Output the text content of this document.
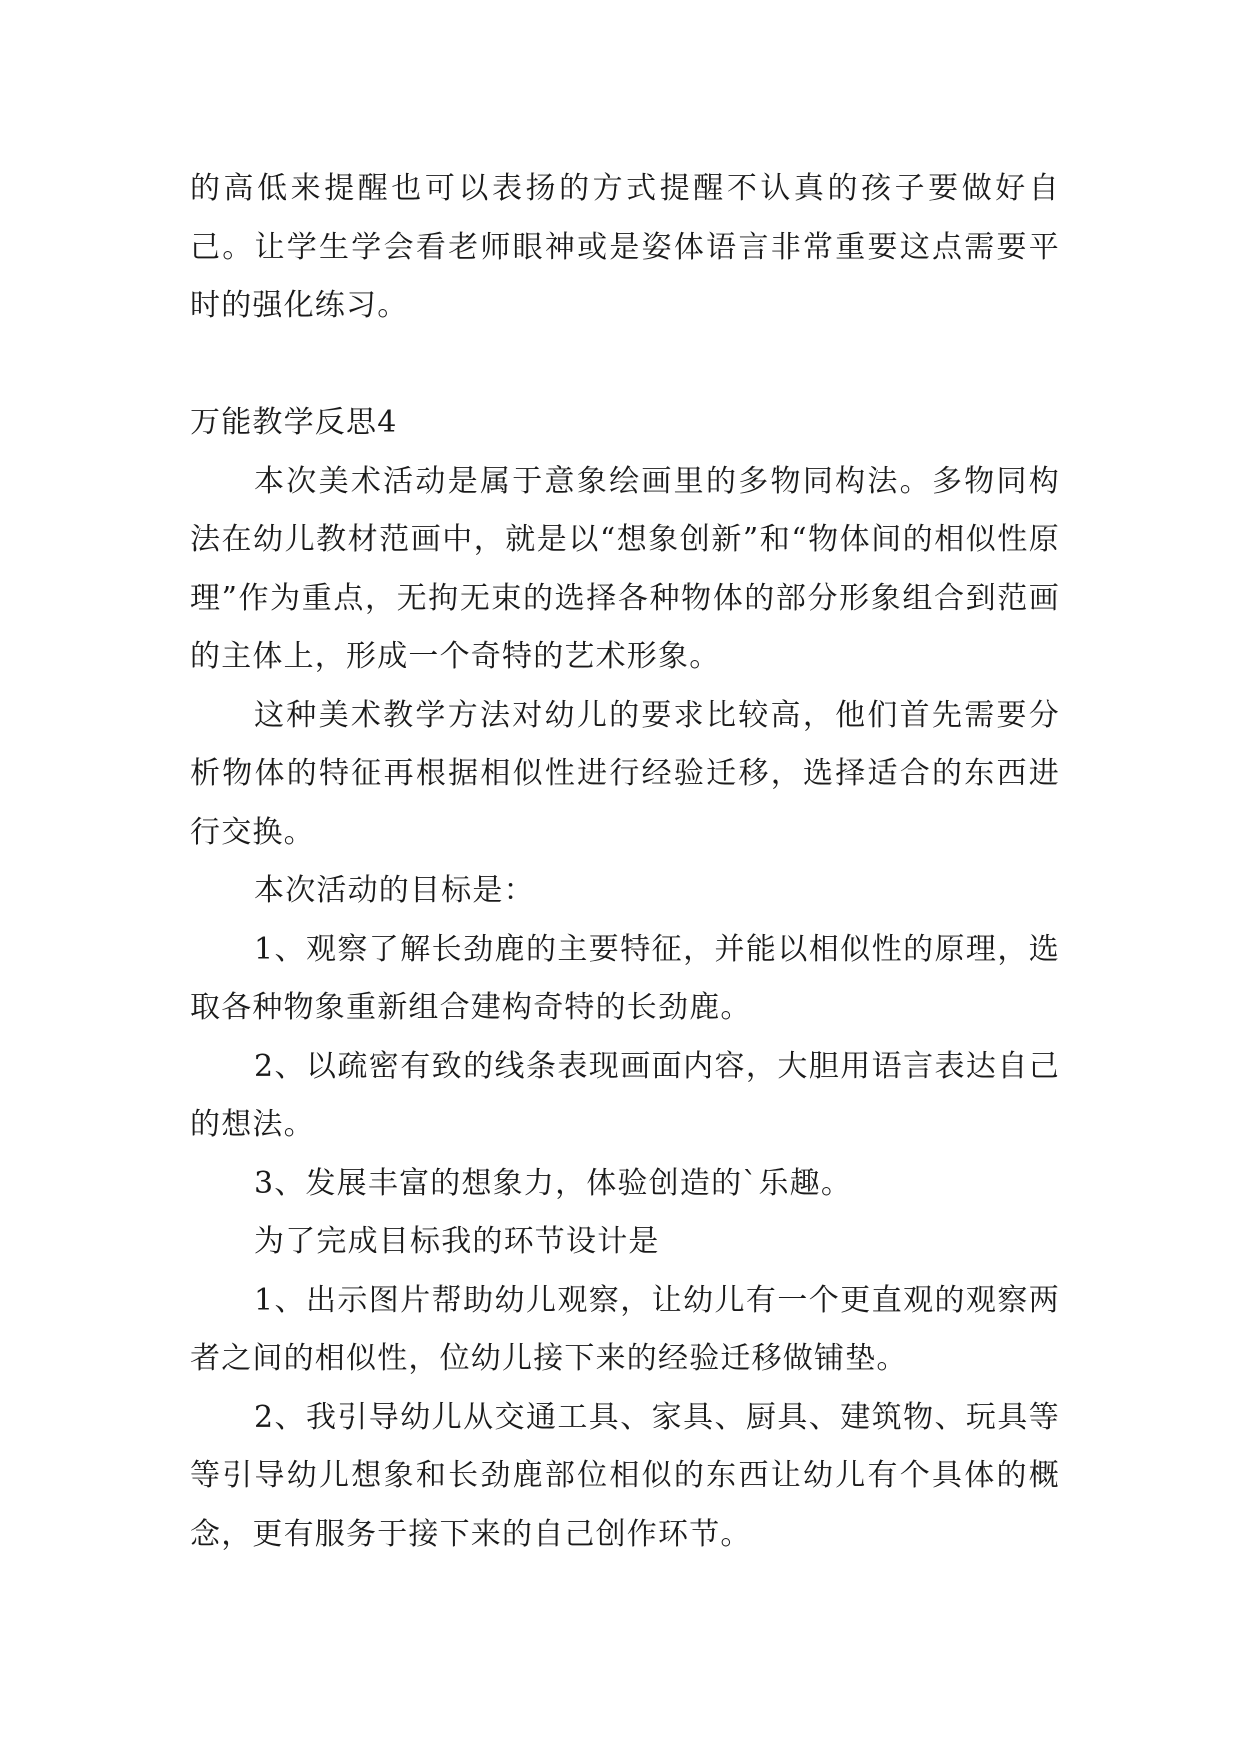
的高低来提醒也可以表扬的方式提醒不认真的孩子要做好自己。让学生学会看老师眼神或是姿体语言非常重要这点需要平时的强化练习。

万能教学反思4

本次美术活动是属于意象绘画里的多物同构法。多物同构法在幼儿教材范画中，就是以“想象创新”和“物体间的相似性原理”作为重点，无拘无束的选择各种物体的部分形象组合到范画的主体上，形成一个奇特的艺术形象。

这种美术教学方法对幼儿的要求比较高，他们首先需要分析物体的特征再根据相似性进行经验迁移，选择适合的东西进行交换。

本次活动的目标是：

1、观察了解长劲鹿的主要特征，并能以相似性的原理，选取各种物象重新组合建构奇特的长劲鹿。

2、以疏密有致的线条表现画面内容，大胆用语言表达自己的想法。

3、发展丰富的想象力，体验创造的`乐趣。

为了完成目标我的环节设计是

1、出示图片帮助幼儿观察，让幼儿有一个更直观的观察两者之间的相似性，位幼儿接下来的经验迁移做铺垫。

2、我引导幼儿从交通工具、家具、厨具、建筑物、玩具等等引导幼儿想象和长劲鹿部位相似的东西让幼儿有个具体的概念，更有服务于接下来的自己创作环节。
